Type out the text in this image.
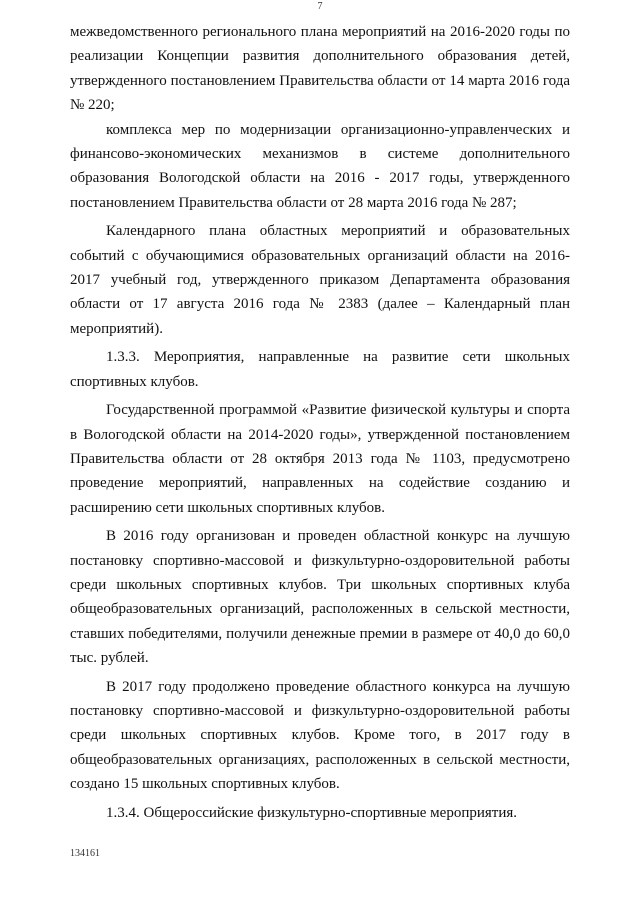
7

межведомственного регионального плана мероприятий на 2016-2020 годы по реализации Концепции развития дополнительного образования детей, утвержденного постановлением Правительства области от 14 марта 2016 года № 220;

комплекса мер по модернизации организационно-управленческих и финансово-экономических механизмов в системе дополнительного образования Вологодской области на 2016 - 2017 годы, утвержденного постановлением Правительства области от 28 марта 2016 года № 287;

Календарного плана областных мероприятий и образовательных событий с обучающимися образовательных организаций области на 2016-2017 учебный год, утвержденного приказом Департамента образования области от 17 августа 2016 года № 2383 (далее – Календарный план мероприятий).

1.3.3. Мероприятия, направленные на развитие сети школьных спортивных клубов.

Государственной программой «Развитие физической культуры и спорта в Вологодской области на 2014-2020 годы», утвержденной постановлением Правительства области от 28 октября 2013 года № 1103, предусмотрено проведение мероприятий, направленных на содействие созданию и расширению сети школьных спортивных клубов.

В 2016 году организован и проведен областной конкурс на лучшую постановку спортивно-массовой и физкультурно-оздоровительной работы среди школьных спортивных клубов. Три школьных спортивных клуба общеобразовательных организаций, расположенных в сельской местности, ставших победителями, получили денежные премии в размере от 40,0 до 60,0 тыс. рублей.

В 2017 году продолжено проведение областного конкурса на лучшую постановку спортивно-массовой и физкультурно-оздоровительной работы среди школьных спортивных клубов. Кроме того, в 2017 году в общеобразовательных организациях, расположенных в сельской местности, создано 15 школьных спортивных клубов.

1.3.4. Общероссийские физкультурно-спортивные мероприятия.

134161
